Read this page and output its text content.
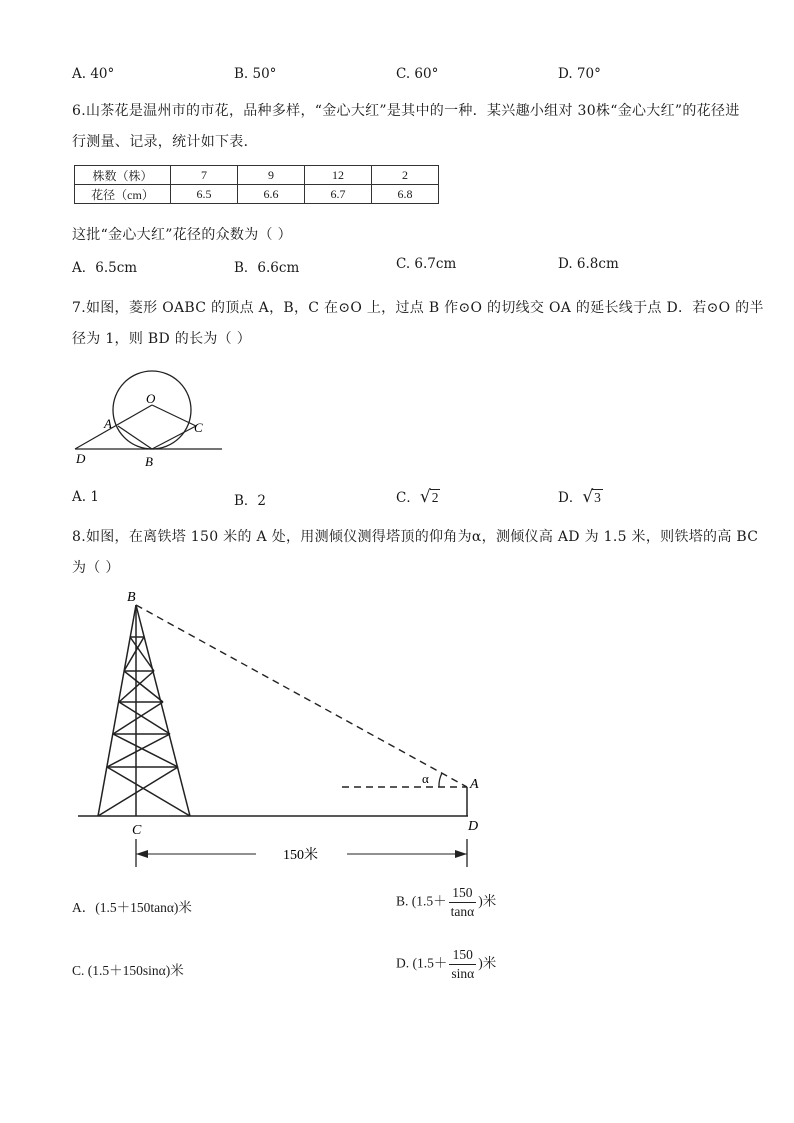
A. 40°	B. 50°	C. 60°	D. 70°
6.山茶花是温州市的市花，品种多样，“金心大红”是其中的一种．某兴趣小组对 30株“金心大红”的花径进
行测量、记录，统计如下表．
株数（株）	7	9	12	2
花径（cm）	6.5	6.6	6.7	6.8
这批“金心大红”花径的众数为（ ）
A．6.5cm	B．6.6cm	C. 6.7cm	D. 6.8cm
7.如图，菱形 OABC 的顶点 A，B，C 在⊙O 上，过点 B 作⊙O 的切线交 OA 的延长线于点 D．若⊙O 的半
径为 1，则 BD 的长为（ ）
O
A	C
D	B
A. 1	B．2	C．√2	D．√3
8.如图，在离铁塔 150 米的 A 处，用测倾仪测得塔顶的仰角为α，测倾仪高 AD 为 1.5 米，则铁塔的高 BC
为（ ）
B
A
C	D
α
150米
A．(1.5＋150tanα)米	B. ($1.5+ \frac{150}{\tan\alpha}$ )米
C. (1.5＋150sinα)米	D. ($1.5+ \frac{150}{\sin\alpha}$ )米
